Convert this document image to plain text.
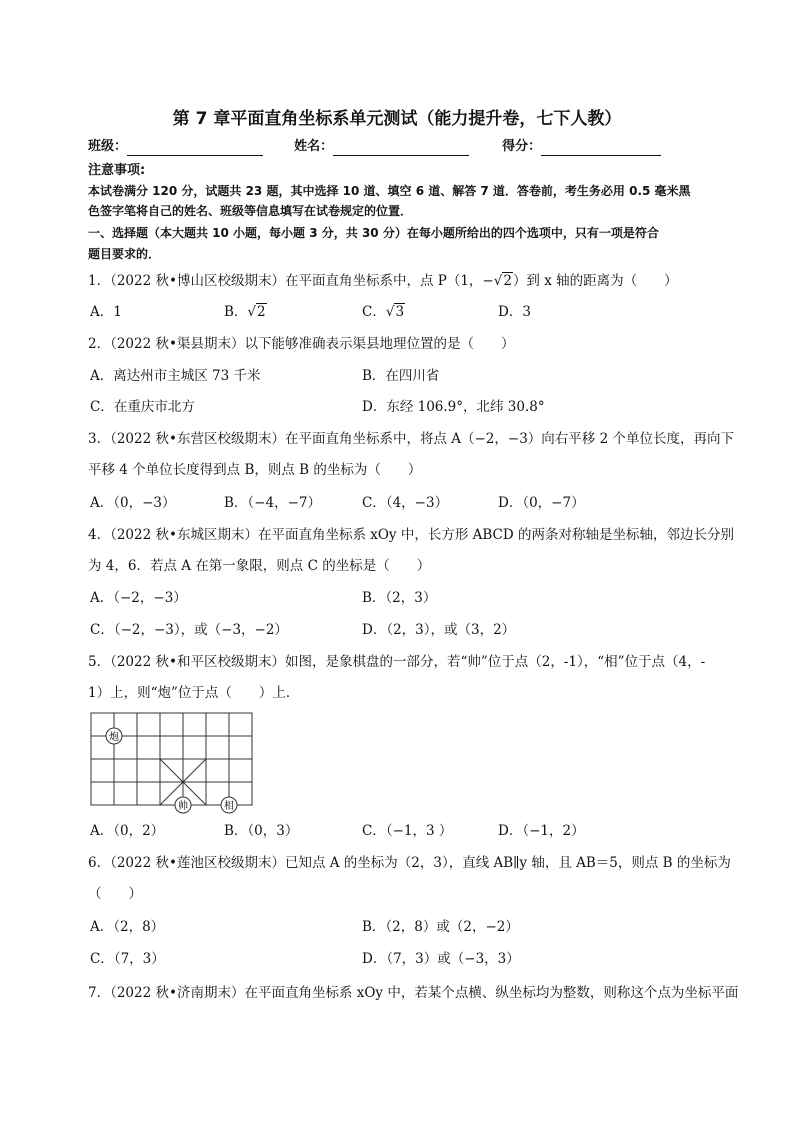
第 7 章平面直角坐标系单元测试（能力提升卷，七下人教）
班级：	姓名：	得分：
注意事项:
本试卷满分 120 分，试题共 23 题，其中选择 10 道、填空 6 道、解答 7 道．答卷前，考生务必用 0.5 毫米黑
色签字笔将自己的姓名、班级等信息填写在试卷规定的位置．
一、选择题（本大题共 10 小题，每小题 3 分，共 30 分）在每小题所给出的四个选项中，只有一项是符合
题目要求的．
1．（2022 秋•博山区校级期末）在平面直角坐标系中，点 P（1，−√2）到 x 轴的距离为（　　）
A．1	B．√2	C．√3	D．3
2．（2022 秋•渠县期末）以下能够准确表示渠县地理位置的是（　　）
A．离达州市主城区 73 千米	B．在四川省
C．在重庆市北方	D．东经 106.9°，北纬 30.8°
3．（2022 秋•东营区校级期末）在平面直角坐标系中，将点 A（−2，−3）向右平移 2 个单位长度，再向下
平移 4 个单位长度得到点 B，则点 B 的坐标为（　　）
A．（0，−3）	B．（−4，−7）	C．（4，−3）	D．（0，−7）
4．（2022 秋•东城区期末）在平面直角坐标系 xOy 中，长方形 ABCD 的两条对称轴是坐标轴，邻边长分别
为 4，6．若点 A 在第一象限，则点 C 的坐标是（　　）
A．（−2，−3）	B．（2，3）
C．（−2，−3），或（−3，−2）	D．（2，3），或（3，2）
5．（2022 秋•和平区校级期末）如图，是象棋盘的一部分，若“帅”位于点（2，-1），“相”位于点（4，-
1）上，则“炮”位于点（　　）上．
炮
帅	相
A．（0，2）	B．（0，3）	C．（−1，3 ）	D．（−1，2）
6．（2022 秋•莲池区校级期末）已知点 A 的坐标为（2，3），直线 AB∥y 轴，且 AB＝5，则点 B 的坐标为
（　　）
A．（2，8）	B．（2，8）或（2，−2）
C．（7，3）	D．（7，3）或（−3，3）
7．（2022 秋•济南期末）在平面直角坐标系 xOy 中，若某个点横、纵坐标均为整数，则称这个点为坐标平面
